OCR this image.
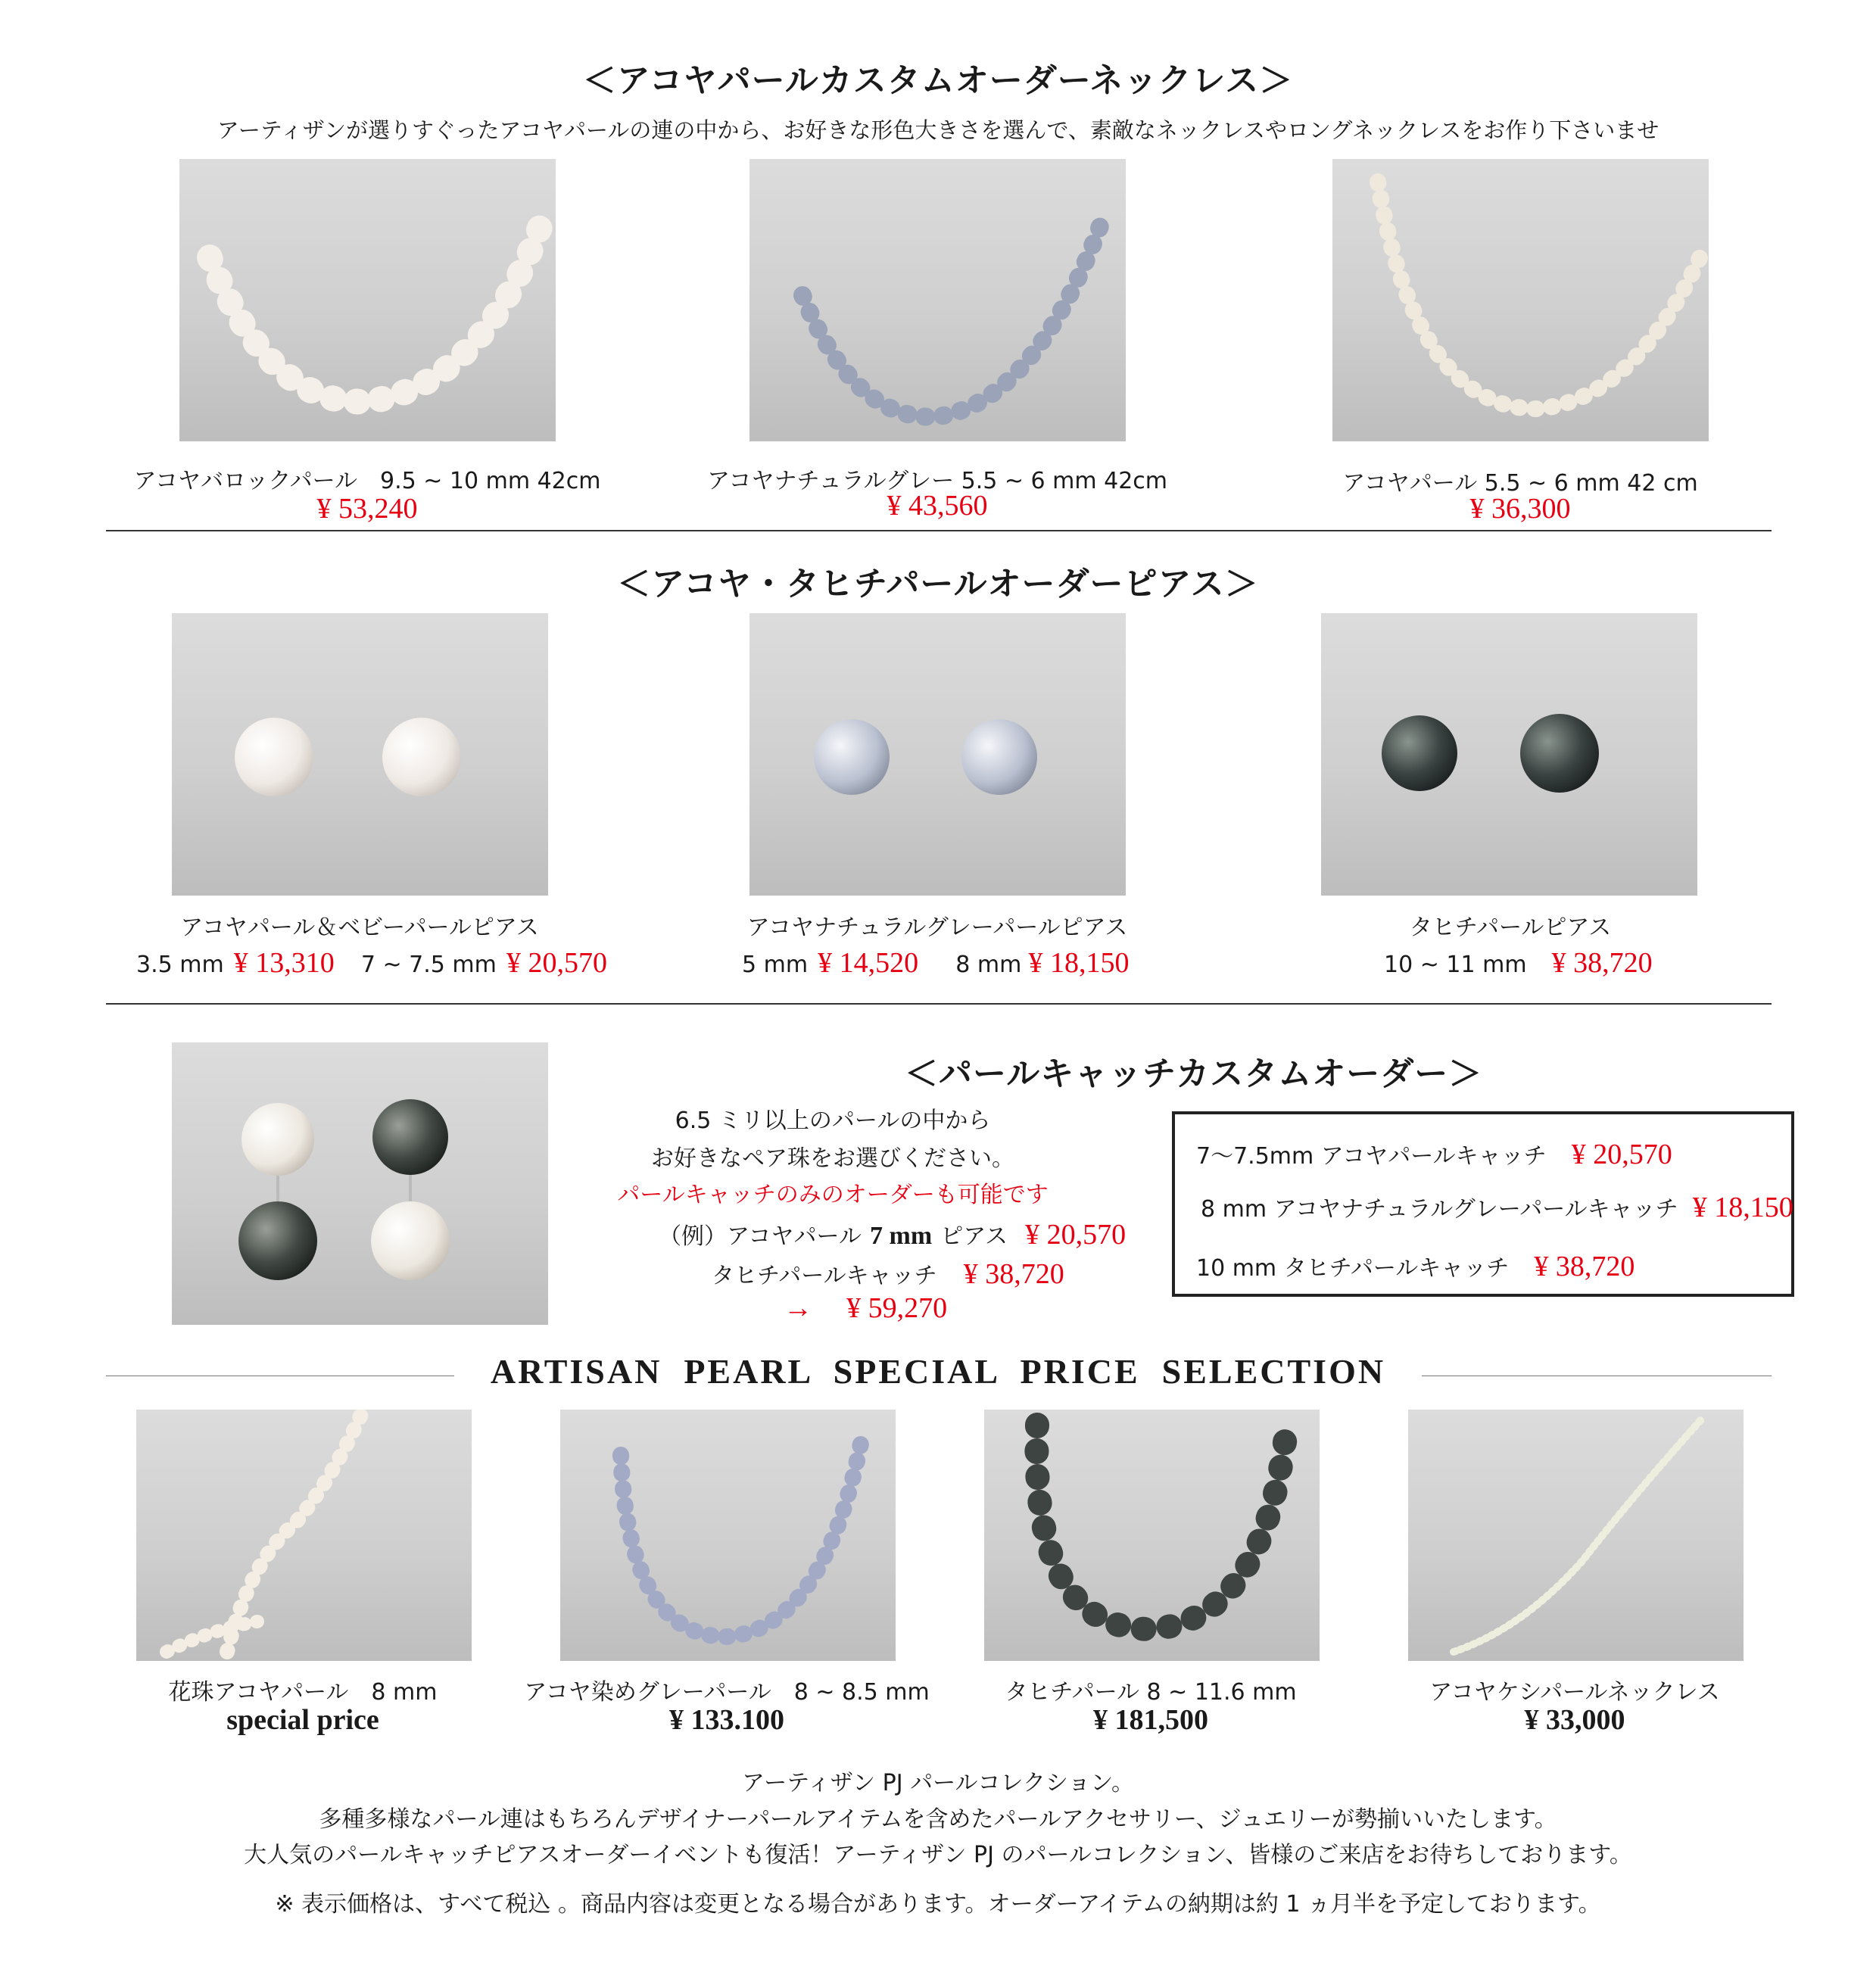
＜アコヤパールカスタムオーダーネックレス＞
アーティザンが選りすぐったアコヤパールの連の中から、お好きな形色大きさを選んで、素敵なネックレスやロングネックレスをお作り下さいませ
アコヤバロックパール　9.5 ~ 10 mm 42cm
¥ 53,240
アコヤナチュラルグレー 5.5 ~ 6 mm 42cm
¥ 43,560
アコヤパール 5.5 ~ 6 mm 42 cm
¥ 36,300
＜アコヤ・タヒチパールオーダーピアス＞
アコヤパール＆ベビーパールピアス
3.5 mm ¥ 13,310 7 ~ 7.5 mm ¥ 20,570
アコヤナチュラルグレーパールピアス
5 mm ¥ 14,520 8 mm ¥ 18,150
タヒチパールピアス
10 ~ 11 mm ¥ 38,720
＜パールキャッチカスタムオーダー＞
6.5 ミリ以上のパールの中から
お好きなペア珠をお選びください。
パールキャッチのみのオーダーも可能です
（例）アコヤパール 7 mm ピアス ¥ 20,570
タヒチパールキャッチ ¥ 38,720
→ ¥ 59,270
7〜7.5mm アコヤパールキャッチ ¥ 20,570
8 mm アコヤナチュラルグレーパールキャッチ ¥ 18,150
10 mm タヒチパールキャッチ ¥ 38,720
ARTISAN  PEARL  SPECIAL  PRICE  SELECTION
花珠アコヤパール　8 mm
special price
アコヤ染めグレーパール　8 ~ 8.5 mm
¥ 133.100
タヒチパール 8 ~ 11.6 mm
¥ 181,500
アコヤケシパールネックレス
¥ 33,000
アーティザン PJ パールコレクション。
多種多様なパール連はもちろんデザイナーパールアイテムを含めたパールアクセサリー、ジュエリーが勢揃いいたします。
大人気のパールキャッチピアスオーダーイベントも復活！アーティザン PJ のパールコレクション、皆様のご来店をお待ちしております。
※ 表示価格は、すべて税込 。商品内容は変更となる場合があります。オーダーアイテムの納期は約 1 ヵ月半を予定しております。
